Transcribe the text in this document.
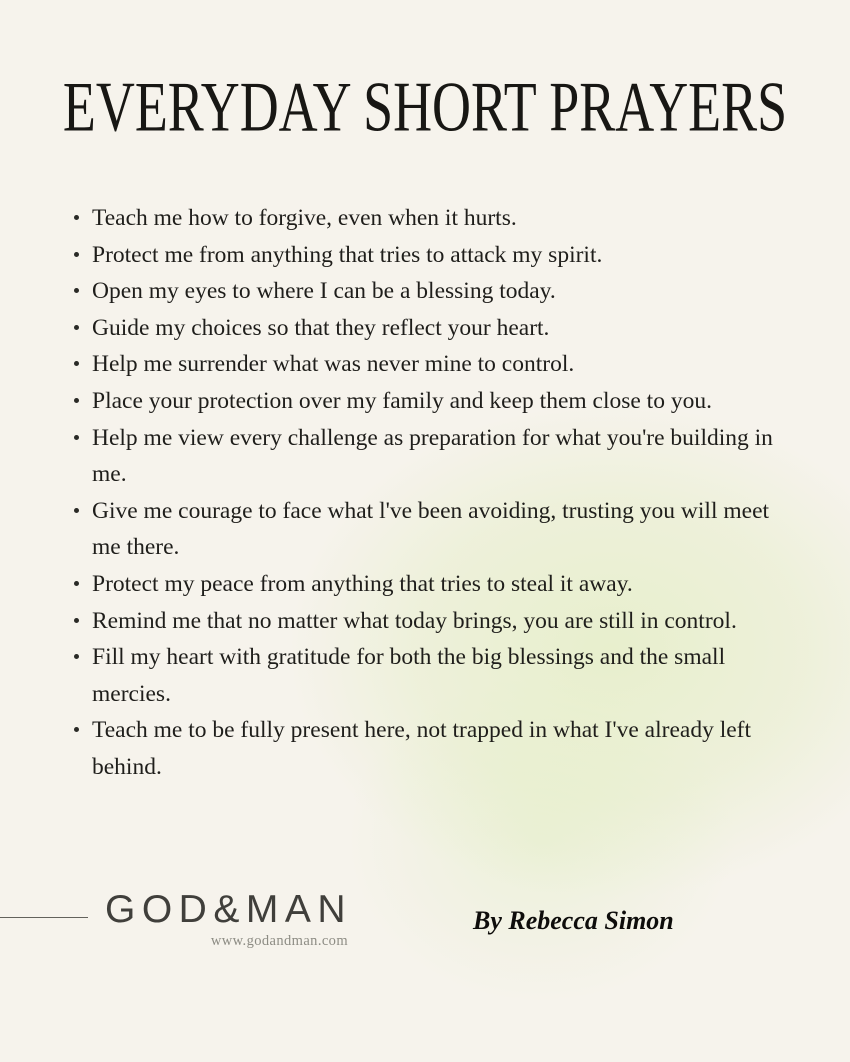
EVERYDAY SHORT PRAYERS
Teach me how to forgive, even when it hurts.
Protect me from anything that tries to attack my spirit.
Open my eyes to where I can be a blessing today.
Guide my choices so that they reflect your heart.
Help me surrender what was never mine to control.
Place your protection over my family and keep them close to you.
Help me view every challenge as preparation for what you're building in me.
Give me courage to face what l've been avoiding, trusting you will meet me there.
Protect my peace from anything that tries to steal it away.
Remind me that no matter what today brings, you are still in control.
Fill my heart with gratitude for both the big blessings and the small mercies.
Teach me to be fully present here, not trapped in what I've already left behind.
GOD&MAN
www.godandman.com
By Rebecca Simon
